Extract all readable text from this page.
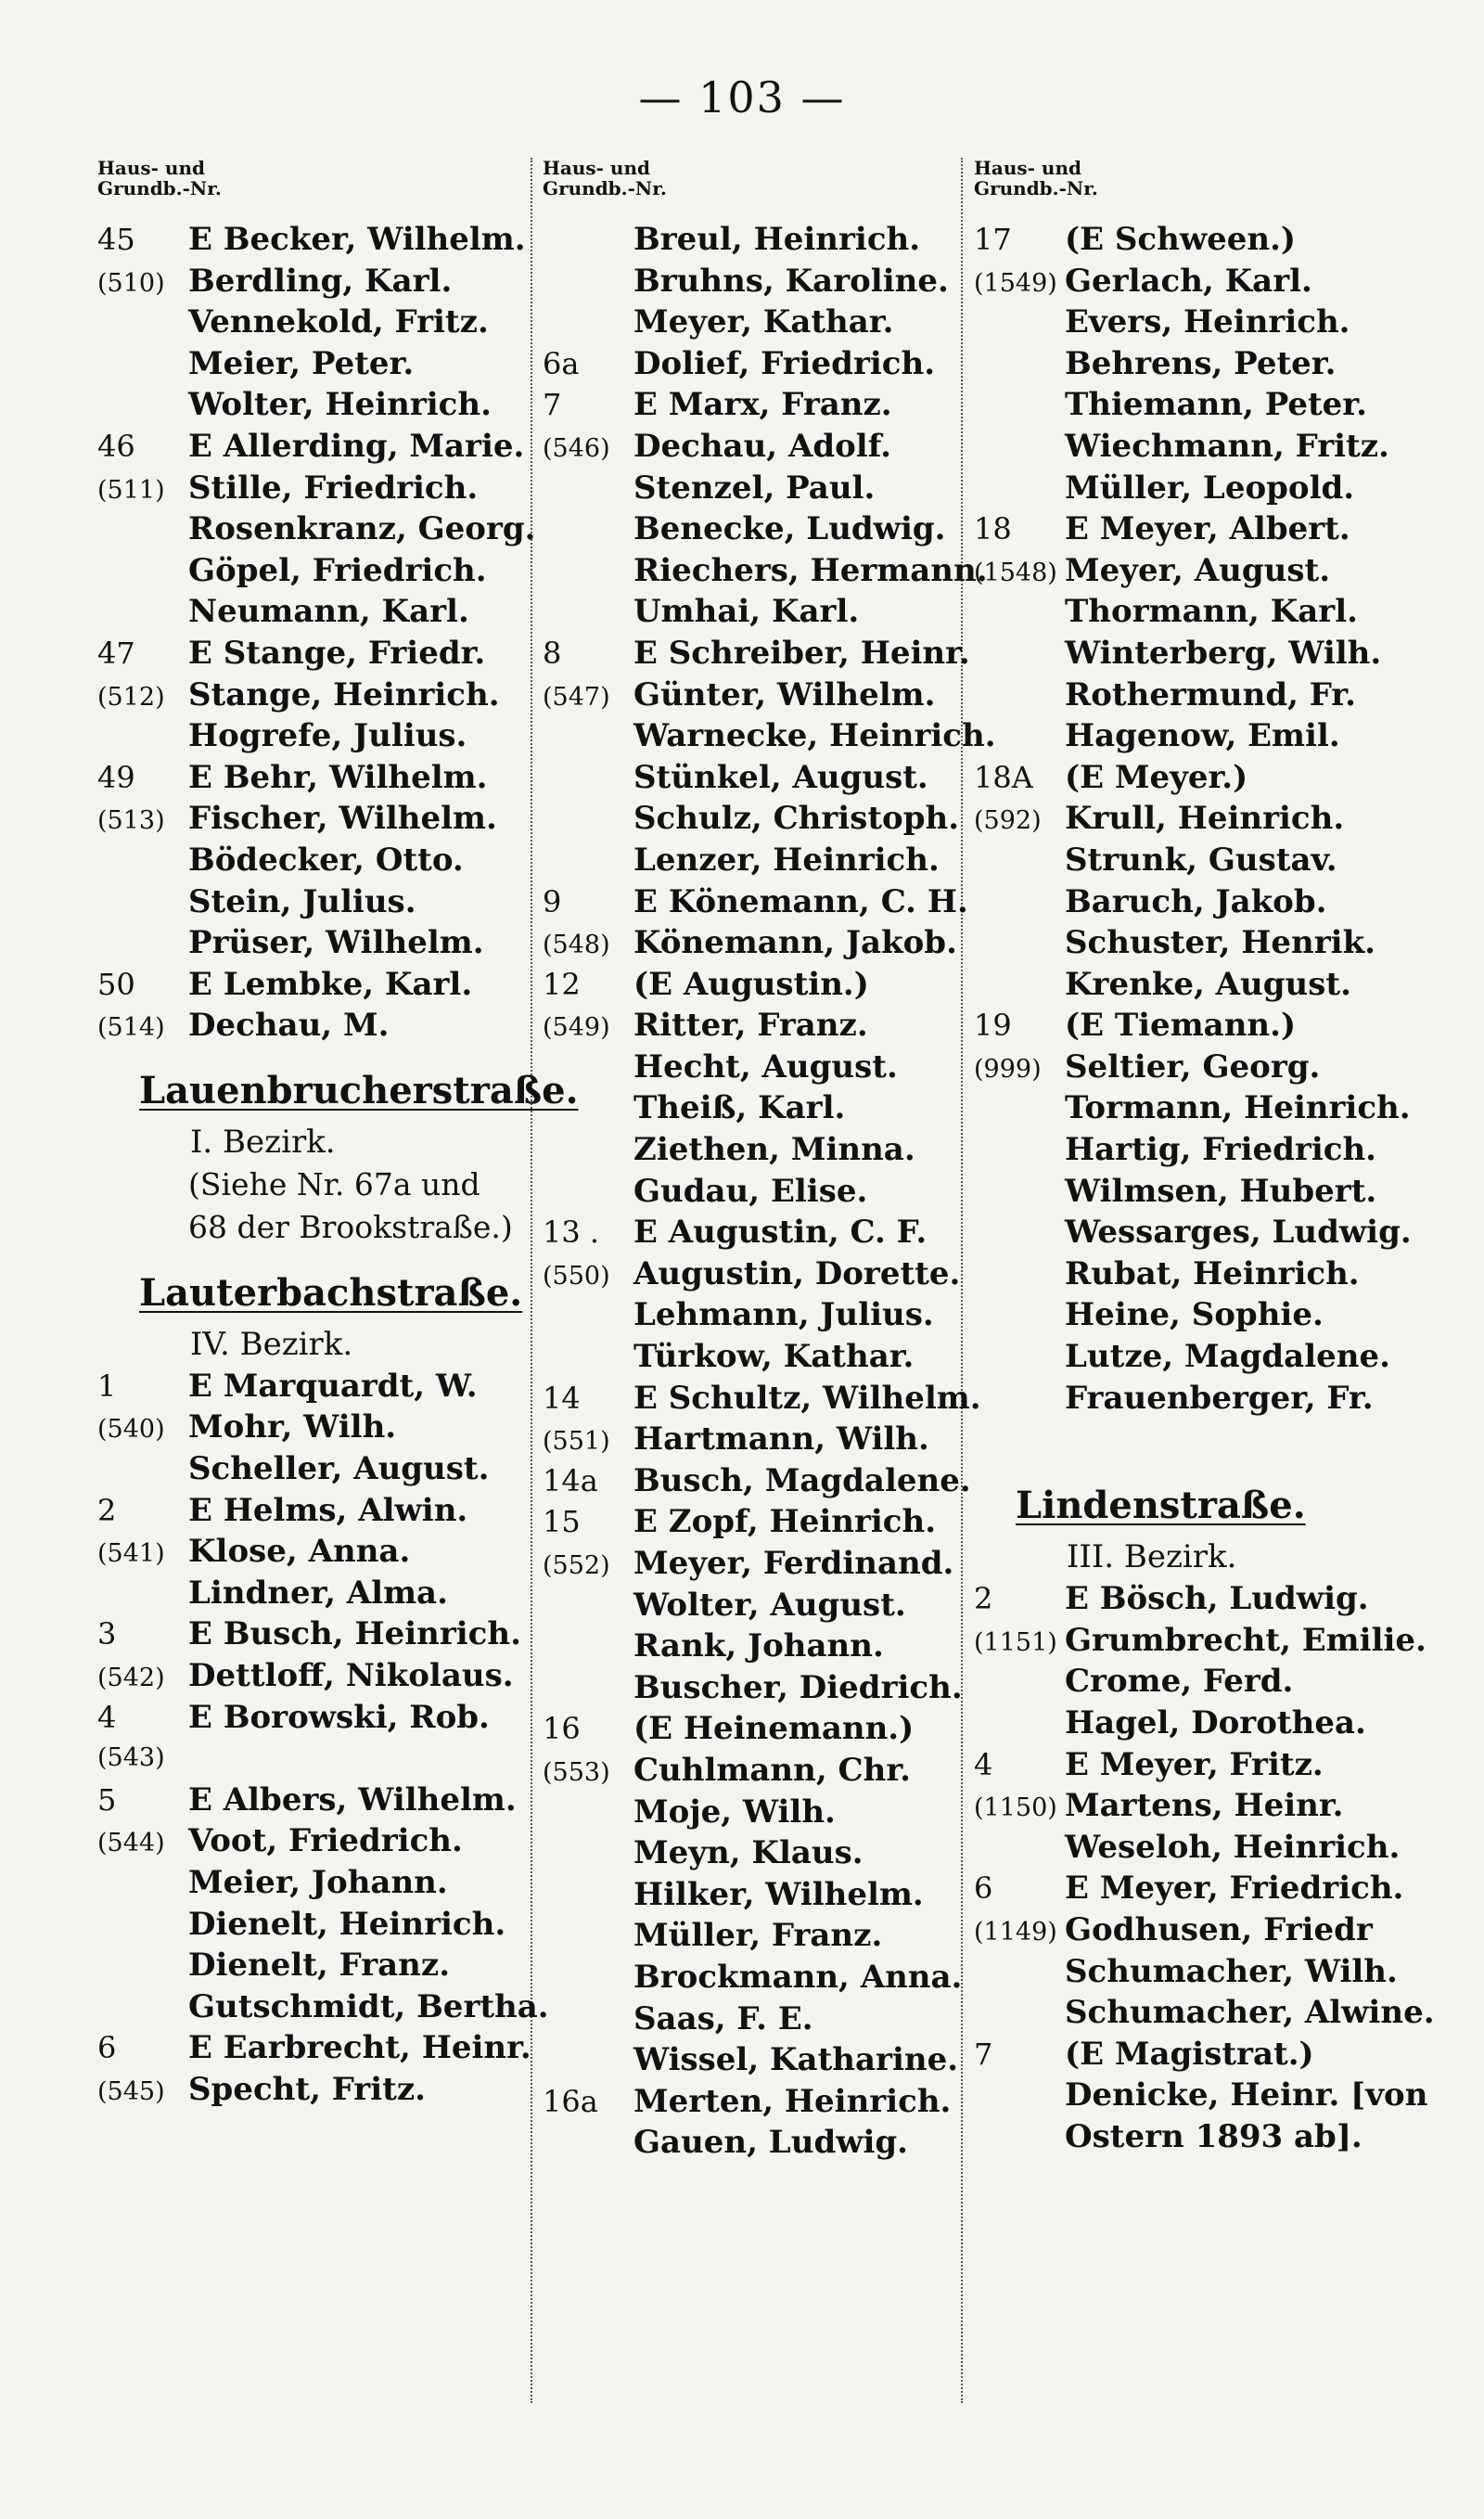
— 103 —
Haus- und
Grundb.-Nr.
45	E Becker, Wilhelm.
(510) Berdling, Karl.
Vennekold, Fritz.
Meier, Peter.
Wolter, Heinrich.
46	E Allerding, Marie.
(511) Stille, Friedrich.
Rosenkranz, Georg.
Göpel, Friedrich.
Neumann, Karl.
47	E Stange, Friedr.
(512) Stange, Heinrich.
Hogrefe, Julius.
49	E Behr, Wilhelm.
(513) Fischer, Wilhelm.
Bödecker, Otto.
Stein, Julius.
Prüser, Wilhelm.
50	E Lembke, Karl.
(514) Dechau, M.
Lauenbrucherstraße.
I. Bezirk.
(Siehe Nr. 67a und
68 der Brookstraße.)
Lauterbachstraße.
IV. Bezirk.
1	E Marquardt, W.
(540) Mohr, Wilh.
Scheller, August.
2	E Helms, Alwin.
(541) Klose, Anna.
Lindner, Alma.
3	E Busch, Heinrich.
(542) Dettloff, Nikolaus.
4	E Borowski, Rob.
(543)
5	E Albers, Wilhelm.
(544) Voot, Friedrich.
Meier, Johann.
Dienelt, Heinrich.
Dienelt, Franz.
Gutschmidt, Bertha.
6	E Earbrecht, Heinr.
(545) Specht, Fritz.
Haus- und
Grundb.-Nr.
Breul, Heinrich.
Bruhns, Karoline.
Meyer, Kathar.
6a	Dolief, Friedrich.
7	E Marx, Franz.
(546) Dechau, Adolf.
Stenzel, Paul.
Benecke, Ludwig.
Riechers, Hermann.
Umhai, Karl.
8	E Schreiber, Heinr.
(547) Günter, Wilhelm.
Warnecke, Heinrich.
Stünkel, August.
Schulz, Christoph.
Lenzer, Heinrich.
9	E Könemann, C. H.
(548) Könemann, Jakob.
12	(E Augustin.)
(549) Ritter, Franz.
Hecht, August.
Theiß, Karl.
Ziethen, Minna.
Gudau, Elise.
13 .	E Augustin, C. F.
(550) Augustin, Dorette.
Lehmann, Julius.
Türkow, Kathar.
14	E Schultz, Wilhelm.
(551) Hartmann, Wilh.
14a	Busch, Magdalene.
15	E Zopf, Heinrich.
(552) Meyer, Ferdinand.
Wolter, August.
Rank, Johann.
Buscher, Diedrich.
16	(E Heinemann.)
(553) Cuhlmann, Chr.
Moje, Wilh.
Meyn, Klaus.
Hilker, Wilhelm.
Müller, Franz.
Brockmann, Anna.
Saas, F. E.
Wissel, Katharine.
16a	Merten, Heinrich.
Gauen, Ludwig.
Haus- und
Grundb.-Nr.
17	(E Schween.)
(1549) Gerlach, Karl.
Evers, Heinrich.
Behrens, Peter.
Thiemann, Peter.
Wiechmann, Fritz.
Müller, Leopold.
18	E Meyer, Albert.
(1548) Meyer, August.
Thormann, Karl.
Winterberg, Wilh.
Rothermund, Fr.
Hagenow, Emil.
18A	(E Meyer.)
(592) Krull, Heinrich.
Strunk, Gustav.
Baruch, Jakob.
Schuster, Henrik.
Krenke, August.
19	(E Tiemann.)
(999) Seltier, Georg.
Tormann, Heinrich.
Hartig, Friedrich.
Wilmsen, Hubert.
Wessarges, Ludwig.
Rubat, Heinrich.
Heine, Sophie.
Lutze, Magdalene.
Frauenberger, Fr.
Lindenstraße.
III. Bezirk.
2	E Bösch, Ludwig.
(1151) Grumbrecht, Emilie.
Crome, Ferd.
Hagel, Dorothea.
4	E Meyer, Fritz.
(1150) Martens, Heinr.
Weseloh, Heinrich.
6	E Meyer, Friedrich.
(1149) Godhusen, Friedr
Schumacher, Wilh.
Schumacher, Alwine.
7	(E Magistrat.)
Denicke, Heinr. [von
Ostern 1893 ab].
